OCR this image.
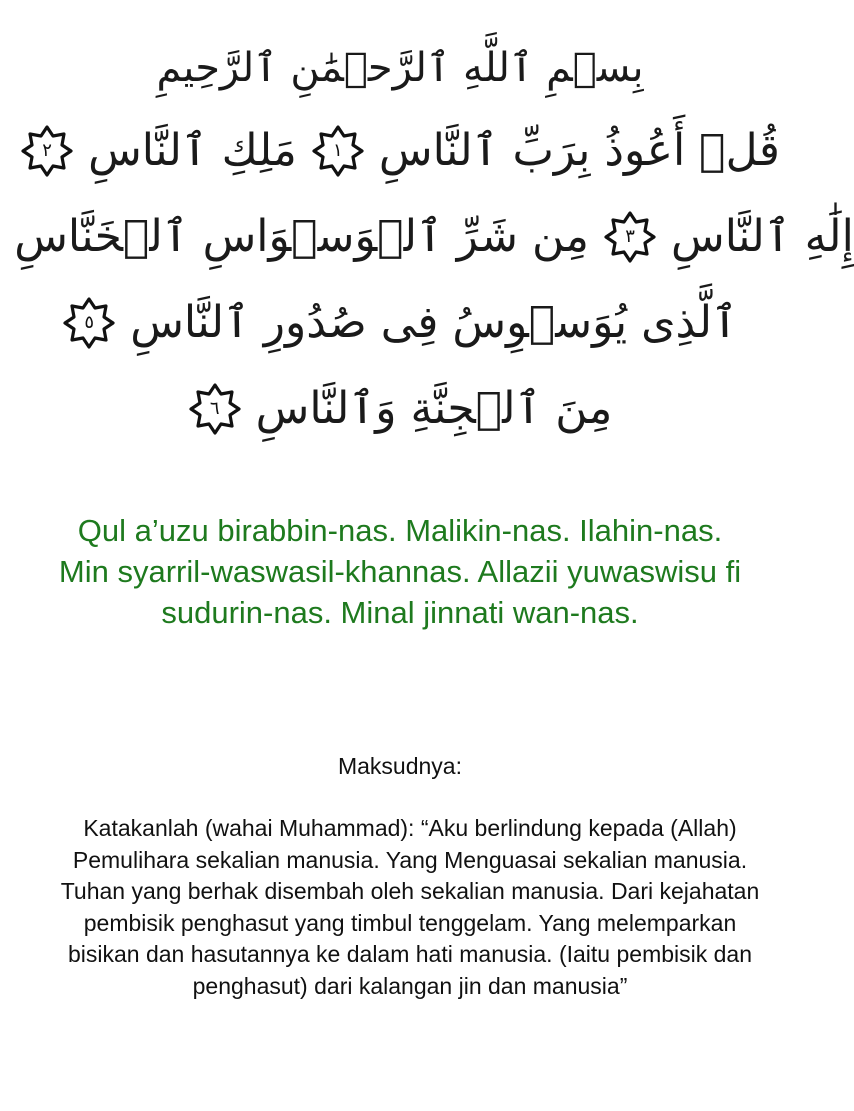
بِسۡمِ ٱللَّهِ ٱلرَّحۡمَٰنِ ٱلرَّحِيمِ
قُلۡ أَعُوذُ بِرَبِّ ٱلنَّاسِ
١
مَلِكِ ٱلنَّاسِ
٢
إِلَٰهِ ٱلنَّاسِ
٣
مِن شَرِّ ٱلۡوَسۡوَاسِ ٱلۡخَنَّاسِ
ٱلَّذِى يُوَسۡوِسُ فِى صُدُورِ ٱلنَّاسِ
٥
مِنَ ٱلۡجِنَّةِ وَٱلنَّاسِ
٦
Qul a’uzu birabbin-nas. Malikin-nas. Ilahin-nas. Min syarril-waswasil-khannas. Allazii yuwaswisu fi sudurin-nas. Minal jinnati wan-nas.
Maksudnya:
Katakanlah (wahai Muhammad): “Aku berlindung kepada (Allah) Pemulihara sekalian manusia. Yang Menguasai sekalian manusia. Tuhan yang berhak disembah oleh sekalian manusia. Dari kejahatan pembisik penghasut yang timbul tenggelam. Yang melemparkan bisikan dan hasutannya ke dalam hati manusia. (Iaitu pembisik dan penghasut) dari kalangan jin dan manusia”
